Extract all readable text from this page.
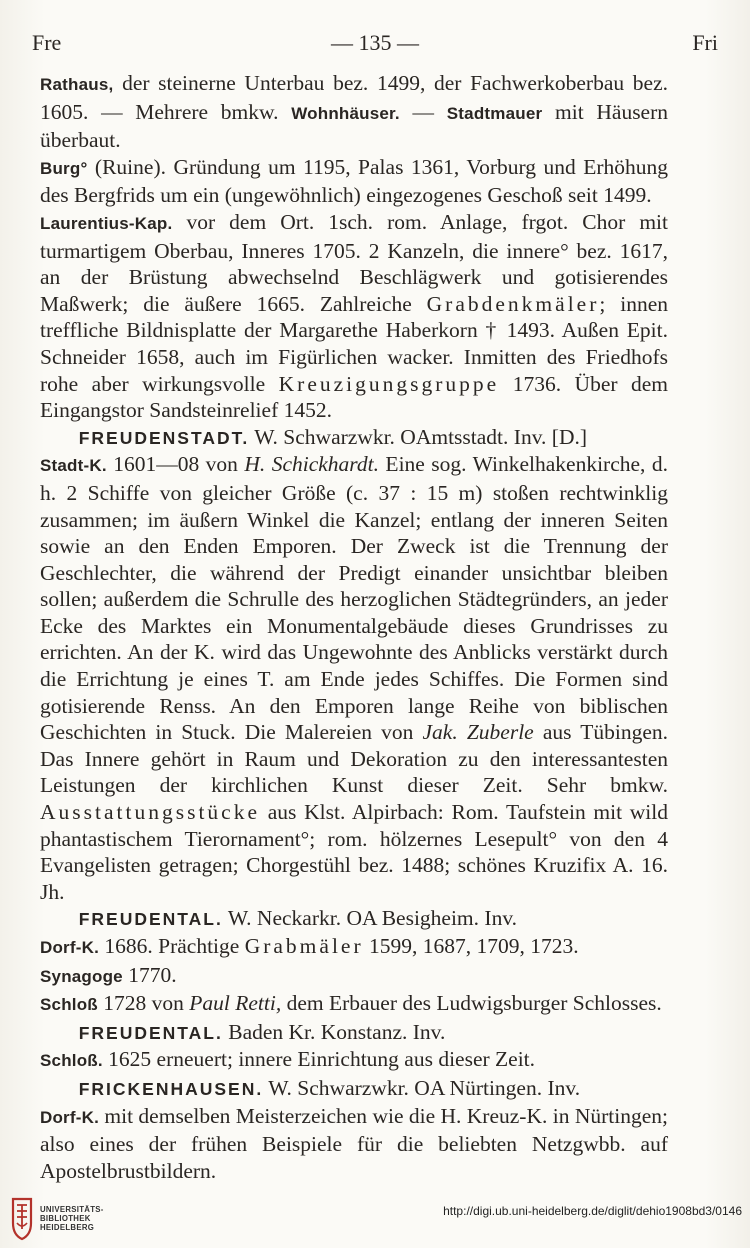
Fre	— 135 —	Fri

Rathaus, der steinerne Unterbau bez. 1499, der Fachwerkoberbau bez. 1605. — Mehrere bmkw. Wohnhäuser. — Stadtmauer mit Häusern überbaut.

Burg° (Ruine). Gründung um 1195, Palas 1361, Vorburg und Erhöhung des Bergfrids um ein (ungewöhnlich) eingezogenes Geschoß seit 1499.

Laurentius-Kap. vor dem Ort. 1sch. rom. Anlage, frgot. Chor mit turmartigem Oberbau, Inneres 1705. 2 Kanzeln, die innere° bez. 1617, an der Brüstung abwechselnd Beschlägwerk und gotisierendes Maßwerk; die äußere 1665. Zahlreiche Grabdenkmäler; innen treffliche Bildnisplatte der Margarethe Haberkorn † 1493. Außen Epit. Schneider 1658, auch im Figürlichen wacker. Inmitten des Friedhofs rohe aber wirkungsvolle Kreuzigungsgruppe 1736. Über dem Eingangstor Sandsteinrelief 1452.

FREUDENSTADT. W. Schwarzwkr. OAmtsstadt. Inv. [D.]

Stadt-K. 1601—08 von H. Schickhardt. Eine sog. Winkelhakenkirche, d. h. 2 Schiffe von gleicher Größe (c. 37 : 15 m) stoßen rechtwinklig zusammen; im äußern Winkel die Kanzel; entlang der inneren Seiten sowie an den Enden Emporen. Der Zweck ist die Trennung der Geschlechter, die während der Predigt einander unsichtbar bleiben sollen; außerdem die Schrulle des herzoglichen Städtegründers, an jeder Ecke des Marktes ein Monumentalgebäude dieses Grundrisses zu errichten. An der K. wird das Ungewohnte des Anblicks verstärkt durch die Errichtung je eines T. am Ende jedes Schiffes. Die Formen sind gotisierende Renss. An den Emporen lange Reihe von biblischen Geschichten in Stuck. Die Malereien von Jak. Zuberle aus Tübingen. Das Innere gehört in Raum und Dekoration zu den interessantesten Leistungen der kirchlichen Kunst dieser Zeit. Sehr bmkw. Ausstattungsstücke aus Klst. Alpirbach: Rom. Taufstein mit wild phantastischem Tierornament°; rom. hölzernes Lesepult° von den 4 Evangelisten getragen; Chorgestühl bez. 1488; schönes Kruzifix A. 16. Jh.

FREUDENTAL. W. Neckarkr. OA Besigheim. Inv.

Dorf-K. 1686. Prächtige Grabmäler 1599, 1687, 1709, 1723.

Synagoge 1770.

Schloß 1728 von Paul Retti, dem Erbauer des Ludwigsburger Schlosses.

FREUDENTAL. Baden Kr. Konstanz. Inv.

Schloß. 1625 erneuert; innere Einrichtung aus dieser Zeit.

FRICKENHAUSEN. W. Schwarzwkr. OA Nürtingen. Inv.

Dorf-K. mit demselben Meisterzeichen wie die H. Kreuz-K. in Nürtingen; also eines der frühen Beispiele für die beliebten Netzgwbb. auf Apostelbrustbildern.

UNIVERSITÄTS-
BIBLIOTHEK
HEIDELBERG
http://digi.ub.uni-heidelberg.de/diglit/dehio1908bd3/0146
